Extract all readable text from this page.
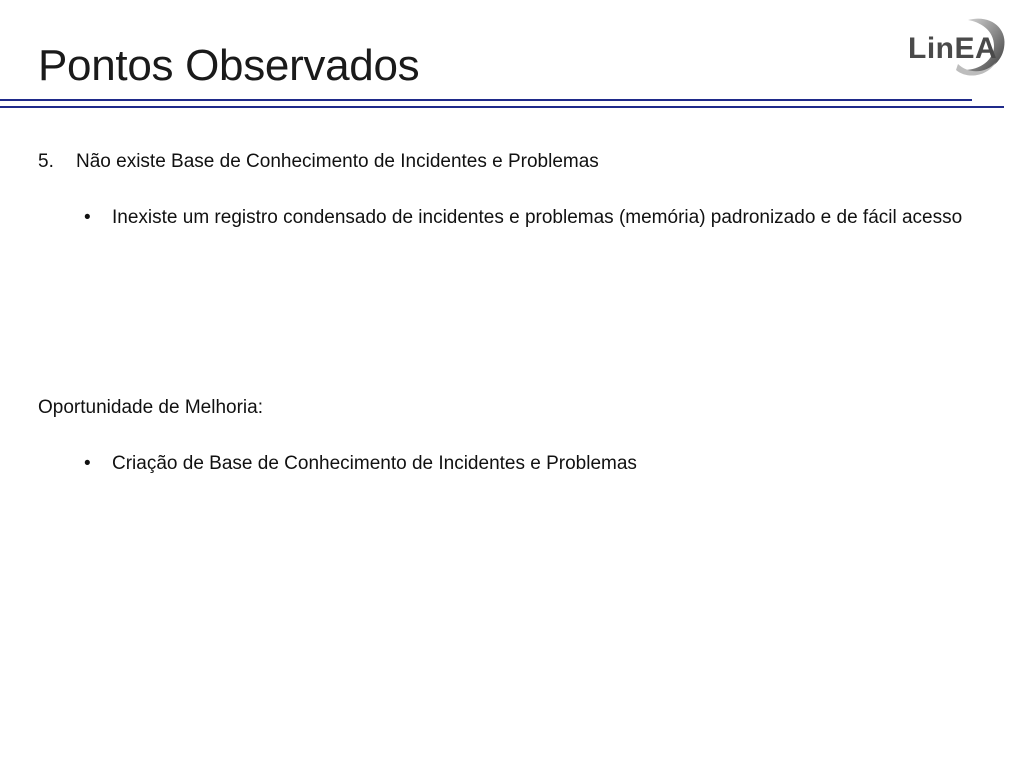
Pontos Observados	LinEA
5. Não existe Base de Conhecimento de Incidentes e Problemas
• Inexiste um registro condensado de incidentes e problemas (memória) padronizado e de fácil acesso
Oportunidade de Melhoria:
• Criação de Base de Conhecimento de Incidentes e Problemas
